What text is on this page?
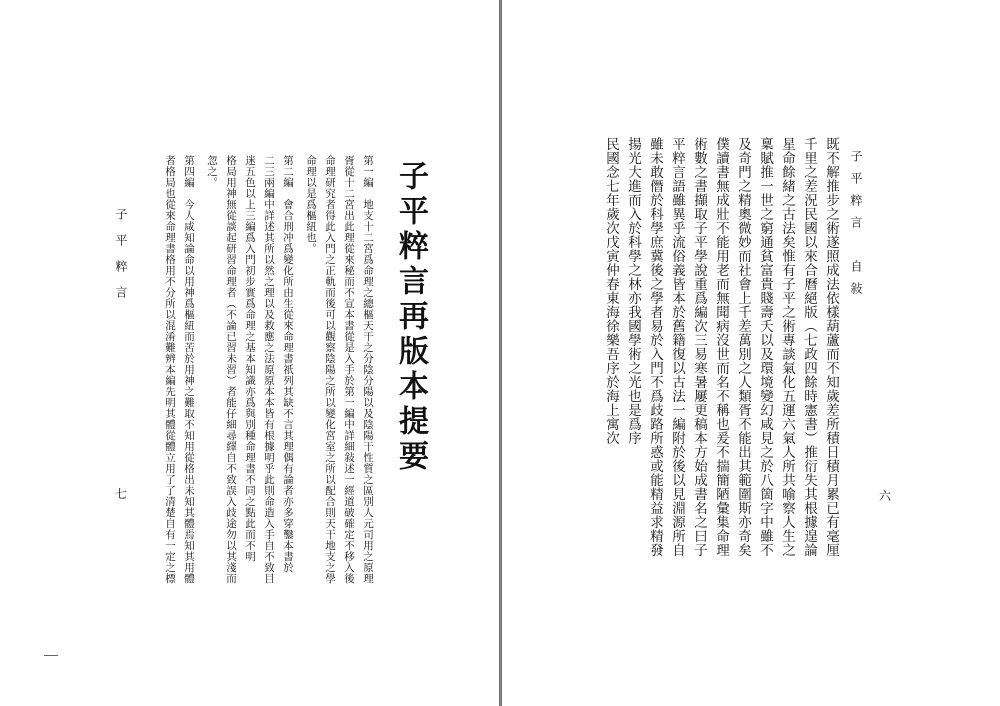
子平粹言
七
子平粹言再版本提要
第一編　地支十二宮爲命理之總樞天干之分陰分陽以及陰陽干性質之區別人元司用之原理
胥從十二宮出此理從來秘而不宣本書從是入手於第一編中詳細敍述一經道破確定不移入後
命理研究者得此入門之正軌而後可以觀察陰陽之所以變化宮室之所以配合則天干地支之學
命理以是爲樞紐也。
第二編　會合刑冲爲變化所由生從來命理書祇列其缺不言其理偶有論者亦多穿鑿本書於
二三兩編中詳述其所以然之理以及救應之法原原本本皆有根據明乎此則命造入手自不致目
迷五色以上三編爲入門初步實爲命理之基本知識亦爲與別種命理書不同之點此而不明
格局用神無從談起研習命理者（不論已習未習）者能仔細尋繹自不致誤入歧途勿以其淺而
忽之。
第四編　今人咸知論命以用神爲樞紐而苦於用神之難取不知用從格出未知其體焉知其用體
者格局也從來命理書格用不分所以混淆難辨本編先明其體從體立用了了清楚自有一定之標	子平粹言　自敍
六
既不解推步之術遂照成法依樣葫蘆而不知歲差所積日積月累已有毫厘
千里之差況民國以來合曆絕版（七政四餘時憲書）推衍失其根據遑論
星命餘緒之古法矣惟有子平之術專談氣化五運六氣人所共喻察人生之
稟賦推一世之窮通貧富貴賤壽夭以及環境變幻咸見之於八箇字中雖不
及奇門之精奧微妙而社會上千差萬別之人類胥不能出其範圍斯亦奇矣
僕讀書無成壯不能用老而無聞病沒世而名不稱也爰不揣簡陋彙集命理
術數之書擷取子平學說重爲編次三易寒暑屢更稿本方始成書名之曰子
平粹言語雖異乎流俗義皆本於舊籍復以古法一編附於後以見淵源所自
雖未敢僭於科學庶冀後之學者易於入門不爲歧路所惑或能精益求精發
揚光大進而入於科學之林亦我國學術之光也是爲序
民國念七年歲次戊寅仲春東海徐樂吾序於海上寓次
